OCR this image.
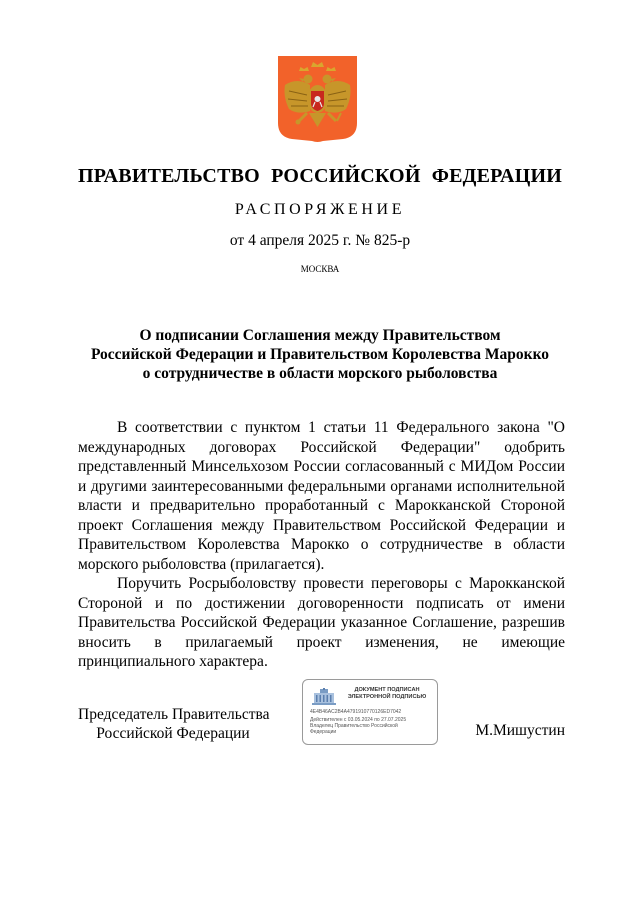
ПРАВИТЕЛЬСТВО РОССИЙСКОЙ ФЕДЕРАЦИИ
РАСПОРЯЖЕНИЕ
от 4 апреля 2025 г. № 825-р
МОСКВА
О подписании Соглашения между Правительством
Российской Федерации и Правительством Королевства Марокко
о сотрудничестве в области морского рыболовства

В соответствии с пунктом 1 статьи 11 Федерального закона "О международных договорах Российской Федерации" одобрить представленный Минсельхозом России согласованный с МИДом России и другими заинтересованными федеральными органами исполнительной власти и предварительно проработанный с Марокканской Стороной проект Соглашения между Правительством Российской Федерации и Правительством Королевства Марокко о сотрудничестве в области морского рыболовства (прилагается).

Поручить Росрыболовству провести переговоры с Марокканской Стороной и по достижении договоренности подписать от имени Правительства Российской Федерации указанное Соглашение, разрешив вносить в прилагаемый проект изменения, не имеющие принципиального характера.

Председатель Правительства
Российской Федерации
ДОКУМЕНТ ПОДПИСАН
ЭЛЕКТРОННОЙ ПОДПИСЬЮ
4E4B46AC2B4A4791910770126ED7042
Действителен с 03.05.2024 по 27.07.2025
Владелец Правительство Российской
Федерации	М.Мишустин
